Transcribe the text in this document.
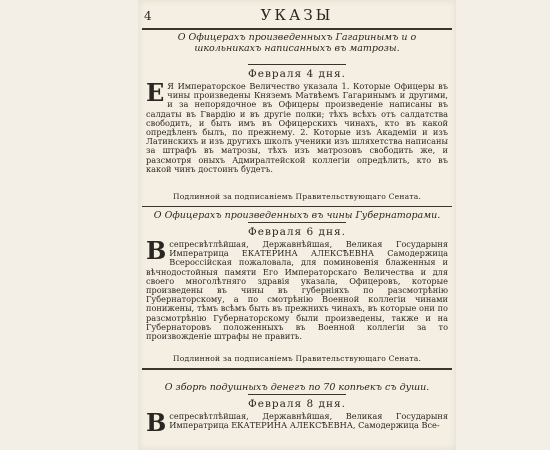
4	УКАЗЫ
О Офицерахъ произведенныхъ Гагаринымъ и о школьникахъ написанныхъ въ матрозы.
Февраля 4 дня.
Е Я Императорское Величество указала 1. Которые Офицеры въ чины произведены Княземъ Матвѣемъ Гагаринымъ и другими, и за непорядочное въ Офицеры произведеніе написаны въ салдаты въ Гвардію и въ другіе полки; тѣхъ всѣхъ отъ салдатства свободить, и быть имъ въ Офицерскихъ чинахъ, кто въ какой опредѣленъ былъ, по прежнему. 2. Которые изъ Академіи и изъ Латинскихъ и изъ другихъ школъ ученики изъ шляхетства написаны за штрафъ въ матрозы, тѣхъ изъ матрозовъ свободить же, и разсмотря оныхъ Адмиралтейской коллегіи опредѣлить, кто въ какой чинъ достоинъ будетъ.
Подлинной за подписаніемъ Правительствующаго Сената.
О Офицерахъ произведенныхъ въ чины Губернаторами.
Февраля 6 дня.
Всепресвѣтлѣйшая, Державнѣйшая, Великая Государыня Императрица ЕКАТЕРИНА АЛЕКСѢЕВНА Самодержица Всероссійская пожаловала, для поминовенія блаженныя и вѣчнодостойныя памяти Его Императорскаго Величества и для своего многолѣтняго здравія указала, Офицеровъ, которые произведены въ чины въ губерніяхъ по разсмотрѣнію Губернаторскому, а по смотрѣнію Военной коллегіи чинами понижены, тѣмъ всѣмъ быть въ прежнихъ чинахъ, въ которые они по разсмотрѣнію Губернаторскому были произведены, также и на Губернаторовъ положенныхъ въ Военной коллегіи за то произвожденіе штрафы не править.
Подлинной за подписаніемъ Правительствующаго Сената.
О зборѣ подушныхъ денегъ по 70 копѣекъ съ души.
Февраля 8 дня.
Всепресвѣтлѣйшая, Державнѣйшая, Великая Государыня Императрица ЕКАТЕРИНА АЛЕКСѢЕВНА, Самодержица Все-
